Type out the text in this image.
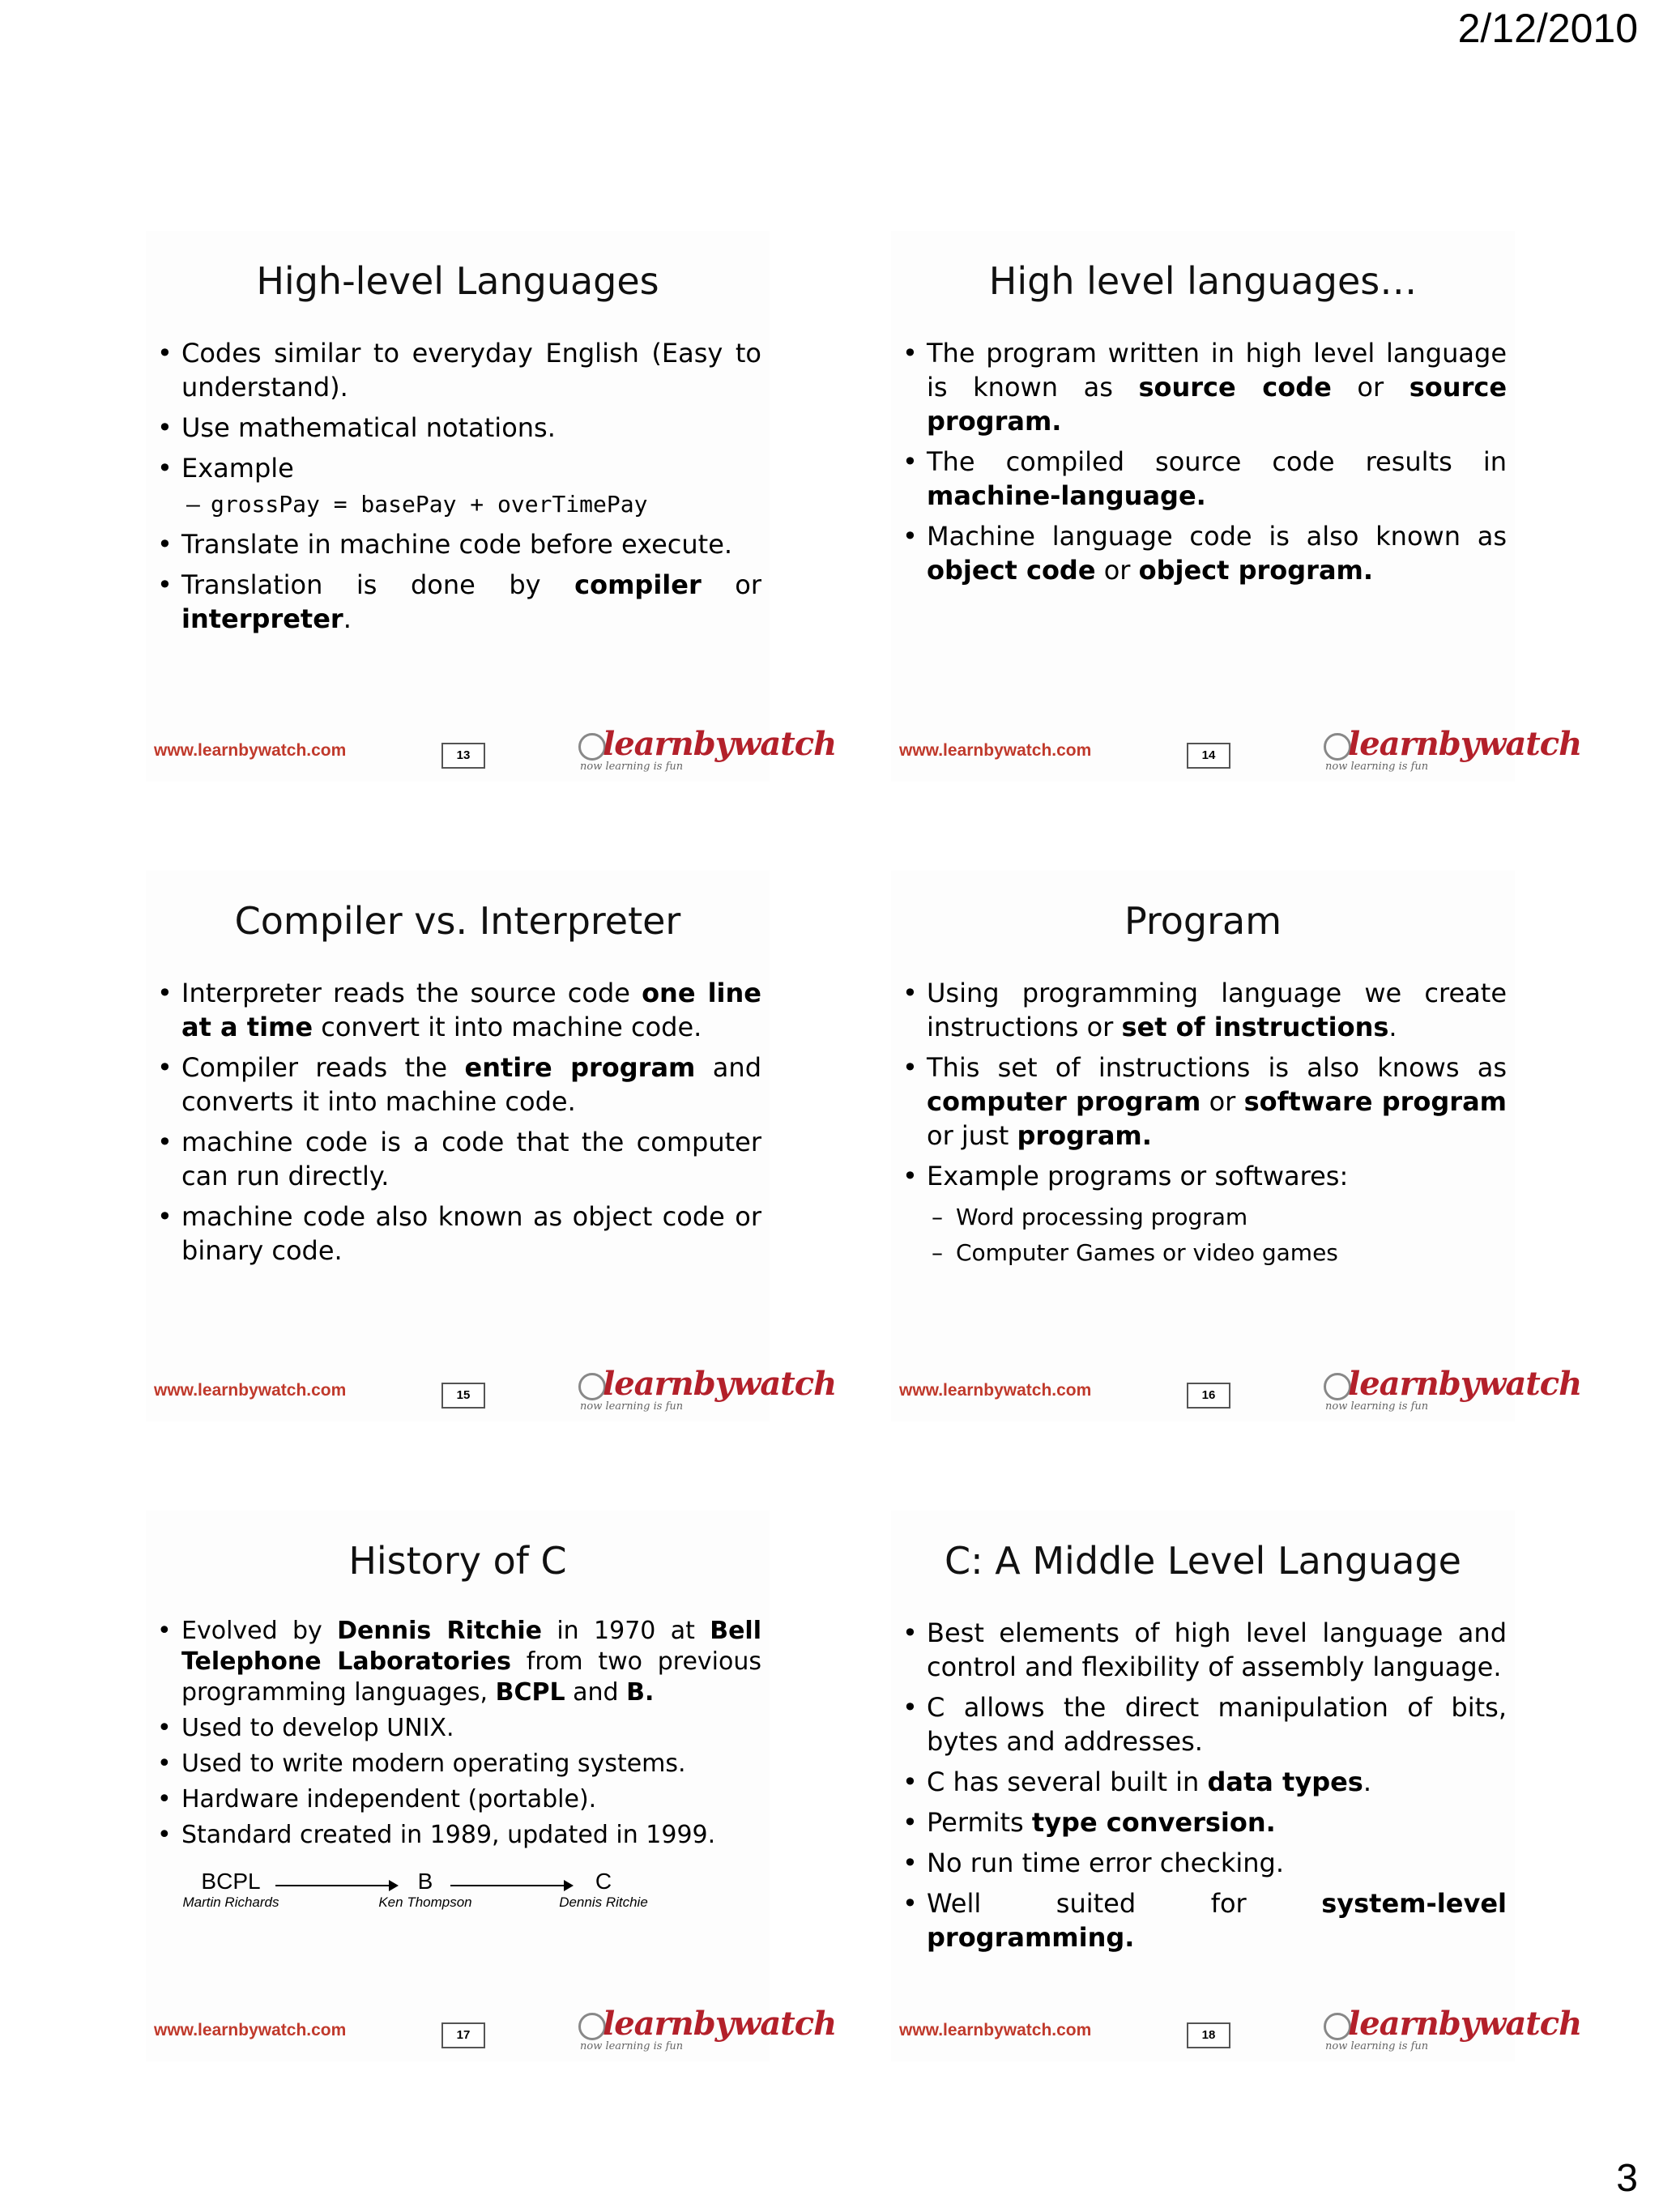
2/12/2010
High-level Languages
• Codes similar to everyday English (Easy to understand).
• Use mathematical notations.
• Example
– grossPay = basePay + overTimePay
• Translate in machine code before execute.
• Translation is done by compiler or interpreter.
www.learnbywatch.com	13	learnbywatch
now learning is fun
High level languages…
• The program written in high level language is known as source code or source program.
• The compiled source code results in machine-language.
• Machine language code is also known as object code or object program.
www.learnbywatch.com	14	learnbywatch
now learning is fun
Compiler vs. Interpreter
• Interpreter reads the source code one line at a time convert it into machine code.
• Compiler reads the entire program and converts it into machine code.
• machine code is a code that the computer can run directly.
• machine code also known as object code or binary code.
www.learnbywatch.com	15	learnbywatch
now learning is fun
Program
• Using programming language we create instructions or set of instructions.
• This set of instructions is also knows as computer program or software program or just program.
• Example programs or softwares:
– Word processing program
– Computer Games or video games
www.learnbywatch.com	16	learnbywatch
now learning is fun
History of C
• Evolved by Dennis Ritchie in 1970 at Bell Telephone Laboratories from two previous programming languages, BCPL and B.
• Used to develop UNIX.
• Used to write modern operating systems.
• Hardware independent (portable).
• Standard created in 1989, updated in 1999.
BCPL
Martin Richards
B
Ken Thompson
C
Dennis Ritchie
www.learnbywatch.com	17	learnbywatch
now learning is fun
C: A Middle Level Language
• Best elements of high level language and control and flexibility of assembly language.
• C allows the direct manipulation of bits, bytes and addresses.
• C has several built in data types.
• Permits type conversion.
• No run time error checking.
• Well suited for system-level programming.
www.learnbywatch.com	18	learnbywatch
now learning is fun
3
